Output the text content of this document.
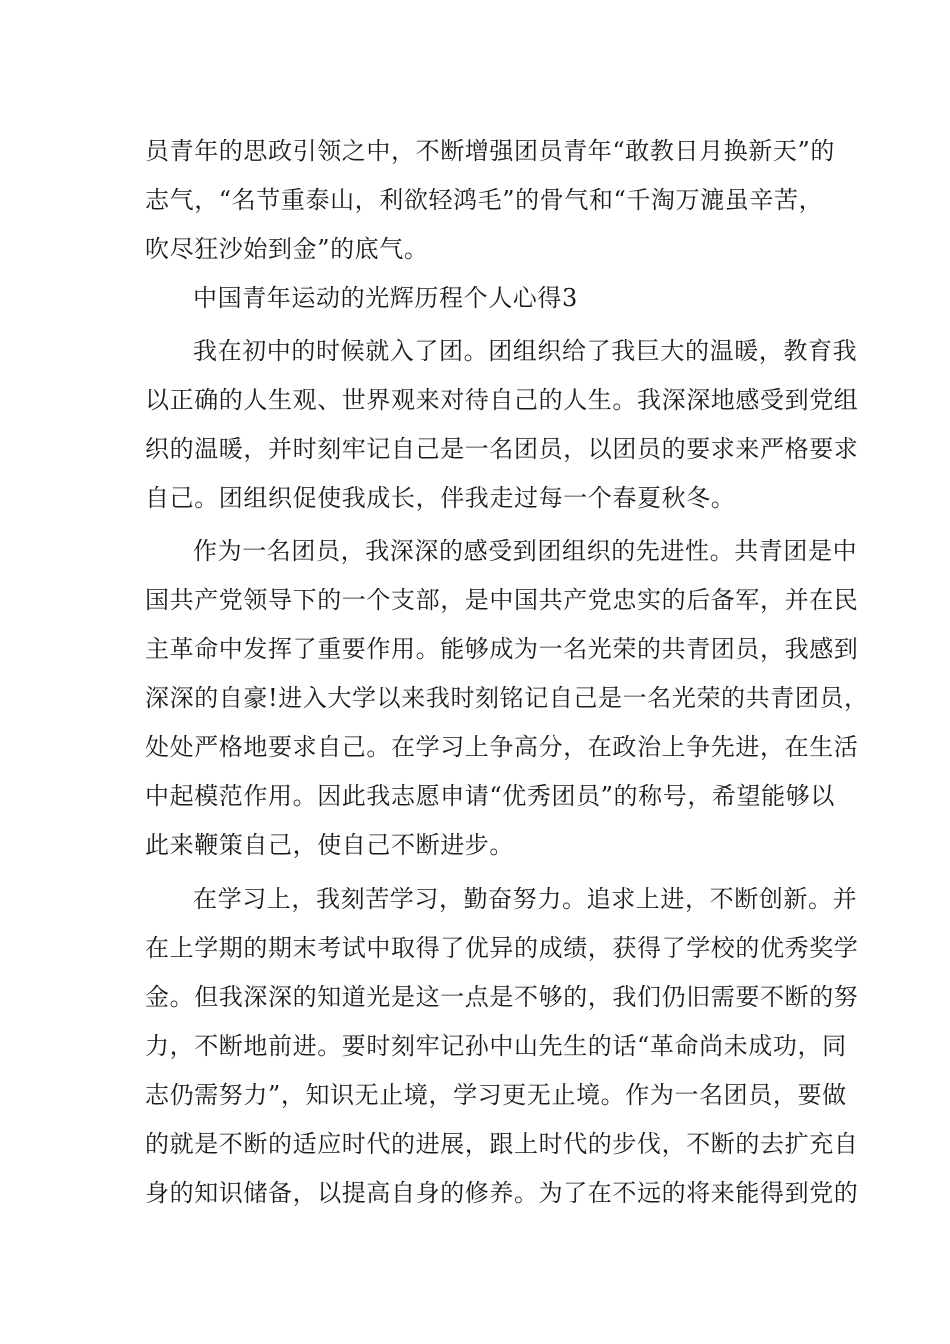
员青年的思政引领之中，不断增强团员青年“敢教日月换新天”的
志气，“名节重泰山，利欲轻鸿毛”的骨气和“千淘万漉虽辛苦，
吹尽狂沙始到金”的底气。
中国青年运动的光辉历程个人心得3
我在初中的时候就入了团。团组织给了我巨大的温暖，教育我
以正确的人生观、世界观来对待自己的人生。我深深地感受到党组
织的温暖，并时刻牢记自己是一名团员，以团员的要求来严格要求
自己。团组织促使我成长，伴我走过每一个春夏秋冬。
作为一名团员，我深深的感受到团组织的先进性。共青团是中
国共产党领导下的一个支部，是中国共产党忠实的后备军，并在民
主革命中发挥了重要作用。能够成为一名光荣的共青团员，我感到
深深的自豪!进入大学以来我时刻铭记自己是一名光荣的共青团员，
处处严格地要求自己。在学习上争高分，在政治上争先进，在生活
中起模范作用。因此我志愿申请“优秀团员”的称号，希望能够以
此来鞭策自己，使自己不断进步。
在学习上，我刻苦学习，勤奋努力。追求上进，不断创新。并
在上学期的期末考试中取得了优异的成绩，获得了学校的优秀奖学
金。但我深深的知道光是这一点是不够的，我们仍旧需要不断的努
力，不断地前进。要时刻牢记孙中山先生的话“革命尚未成功，同
志仍需努力”，知识无止境，学习更无止境。作为一名团员，要做
的就是不断的适应时代的进展，跟上时代的步伐，不断的去扩充自
身的知识储备，以提高自身的修养。为了在不远的将来能得到党的
